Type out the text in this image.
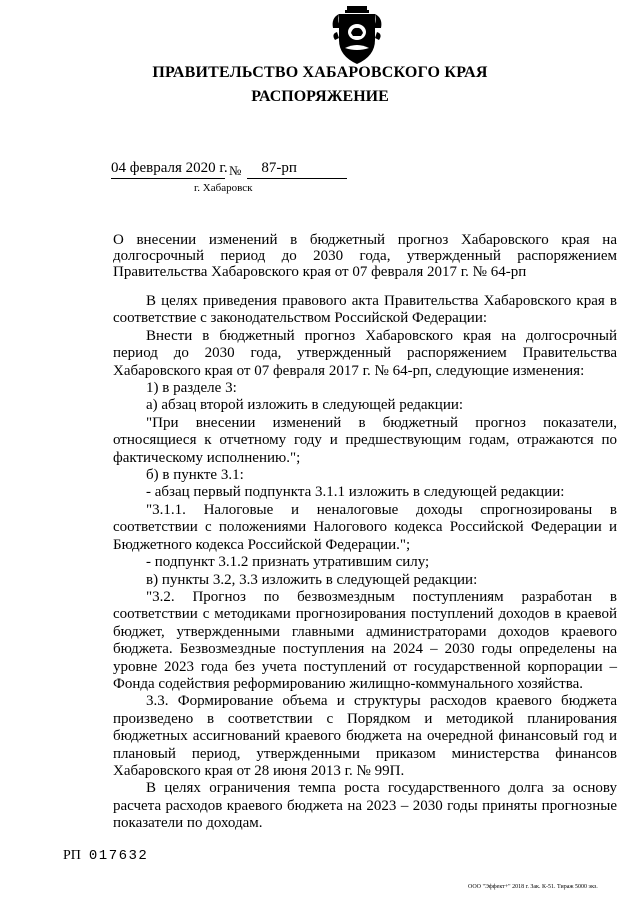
ПРАВИТЕЛЬСТВО ХАБАРОВСКОГО КРАЯ
РАСПОРЯЖЕНИЕ
04 февраля 2020 г.№ 87-рп
г. Хабаровск
О внесении изменений в бюджетный прогноз Хабаровского края на долгосрочный период до 2030 года, утвержденный распоряжением Правительства Хабаровского края от 07 февраля 2017 г. № 64-рп

В целях приведения правового акта Правительства Хабаровского края в соответствие с законодательством Российской Федерации:

Внести в бюджетный прогноз Хабаровского края на долгосрочный период до 2030 года, утвержденный распоряжением Правительства Хабаровского края от 07 февраля 2017 г. № 64-рп, следующие изменения:

1) в разделе 3:

а) абзац второй изложить в следующей редакции:

"При внесении изменений в бюджетный прогноз показатели, относящиеся к отчетному году и предшествующим годам, отражаются по фактическому исполнению.";

б) в пункте 3.1:

- абзац первый подпункта 3.1.1 изложить в следующей редакции:

"3.1.1. Налоговые и неналоговые доходы спрогнозированы в соответствии с положениями Налогового кодекса Российской Федерации и Бюджетного кодекса Российской Федерации.";

- подпункт 3.1.2 признать утратившим силу;

в) пункты 3.2, 3.3 изложить в следующей редакции:

"3.2. Прогноз по безвозмездным поступлениям разработан в соответствии с методиками прогнозирования поступлений доходов в краевой бюджет, утвержденными главными администраторами доходов краевого бюджета. Безвозмездные поступления на 2024 – 2030 годы определены на уровне 2023 года без учета поступлений от государственной корпорации – Фонда содействия реформированию жилищно-коммунального хозяйства.

3.3. Формирование объема и структуры расходов краевого бюджета произведено в соответствии с Порядком и методикой планирования бюджетных ассигнований краевого бюджета на очередной финансовый год и плановый период, утвержденными приказом министерства финансов Хабаровского края от 28 июня 2013 г. № 99П.

В целях ограничения темпа роста государственного долга за основу расчета расходов краевого бюджета на 2023 – 2030 годы приняты прогнозные показатели по доходам.

РП 017632
ООО "Эффект+" 2018 г. Зак. К-51. Тираж 5000 экз.
